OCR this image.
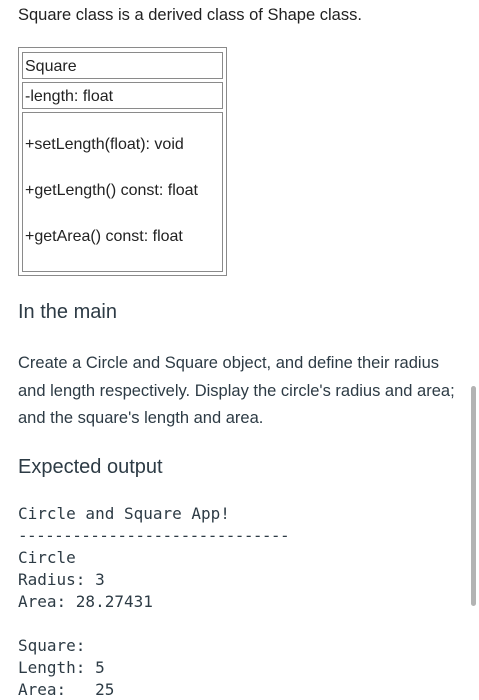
Square class is a derived class of Shape class.
Square
-length: float
+setLength(float): void
+getLength() const: float
+getArea() const: float
In the main
Create a Circle and Square object, and define their radius and length respectively. Display the circle's radius and area; and the square's length and area.
Expected output
Circle and Square App!
------------------------------
Circle
Radius: 3
Area: 28.27431
Square:
Length: 5
Area:   25
